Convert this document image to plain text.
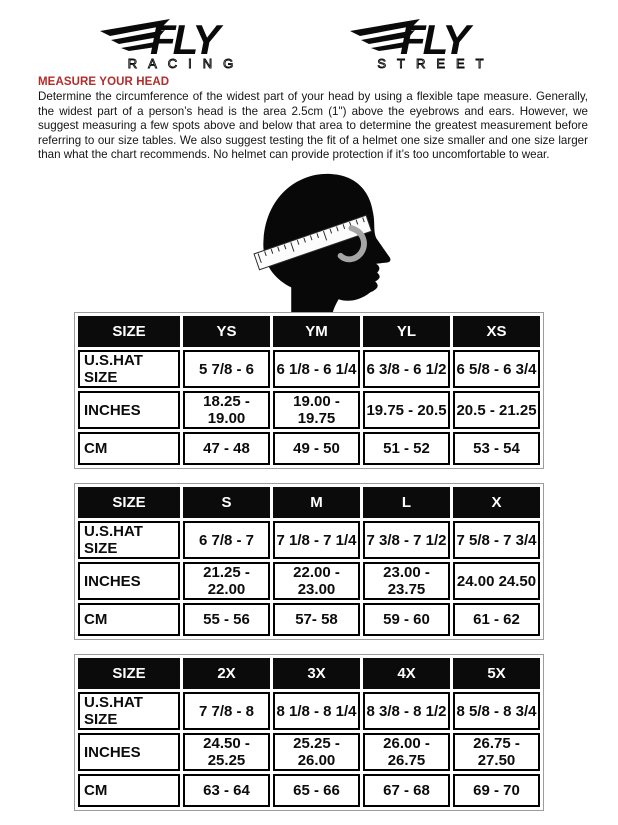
FLY
RACING
FLY
STREET
MEASURE YOUR HEAD

Determine the circumference of the widest part of your head by using a flexible tape measure. Generally, the widest part of a person’s head is the area 2.5cm (1") above the eyebrows and ears. However, we suggest measuring a few spots above and below that area to determine the greatest measurement before referring to our size tables. We also suggest testing the fit of a helmet one size smaller and one size larger than what the chart recommends. No helmet can provide protection if it’s too uncomfortable to wear.

SIZE	YS	YM	YL	XS
U.S.HAT SIZE	5 7/8 - 6	6 1/8 - 6 1/4	6 3/8 - 6 1/2	6 5/8 - 6 3/4
INCHES	18.25 - 19.00	19.00 - 19.75	19.75 - 20.5	20.5 - 21.25
CM	47 - 48	49 - 50	51 - 52	53 - 54
SIZE	S	M	L	X
U.S.HAT SIZE	6 7/8 - 7	7 1/8 - 7 1/4	7 3/8 - 7 1/2	7 5/8 - 7 3/4
INCHES	21.25 - 22.00	22.00 - 23.00	23.00 - 23.75	24.00 24.50
CM	55 - 56	57- 58	59 - 60	61 - 62
SIZE	2X	3X	4X	5X
U.S.HAT SIZE	7 7/8 - 8	8 1/8 - 8 1/4	8 3/8 - 8 1/2	8 5/8 - 8 3/4
INCHES	24.50 - 25.25	25.25 - 26.00	26.00 - 26.75	26.75 - 27.50
CM	63 - 64	65 - 66	67 - 68	69 - 70
